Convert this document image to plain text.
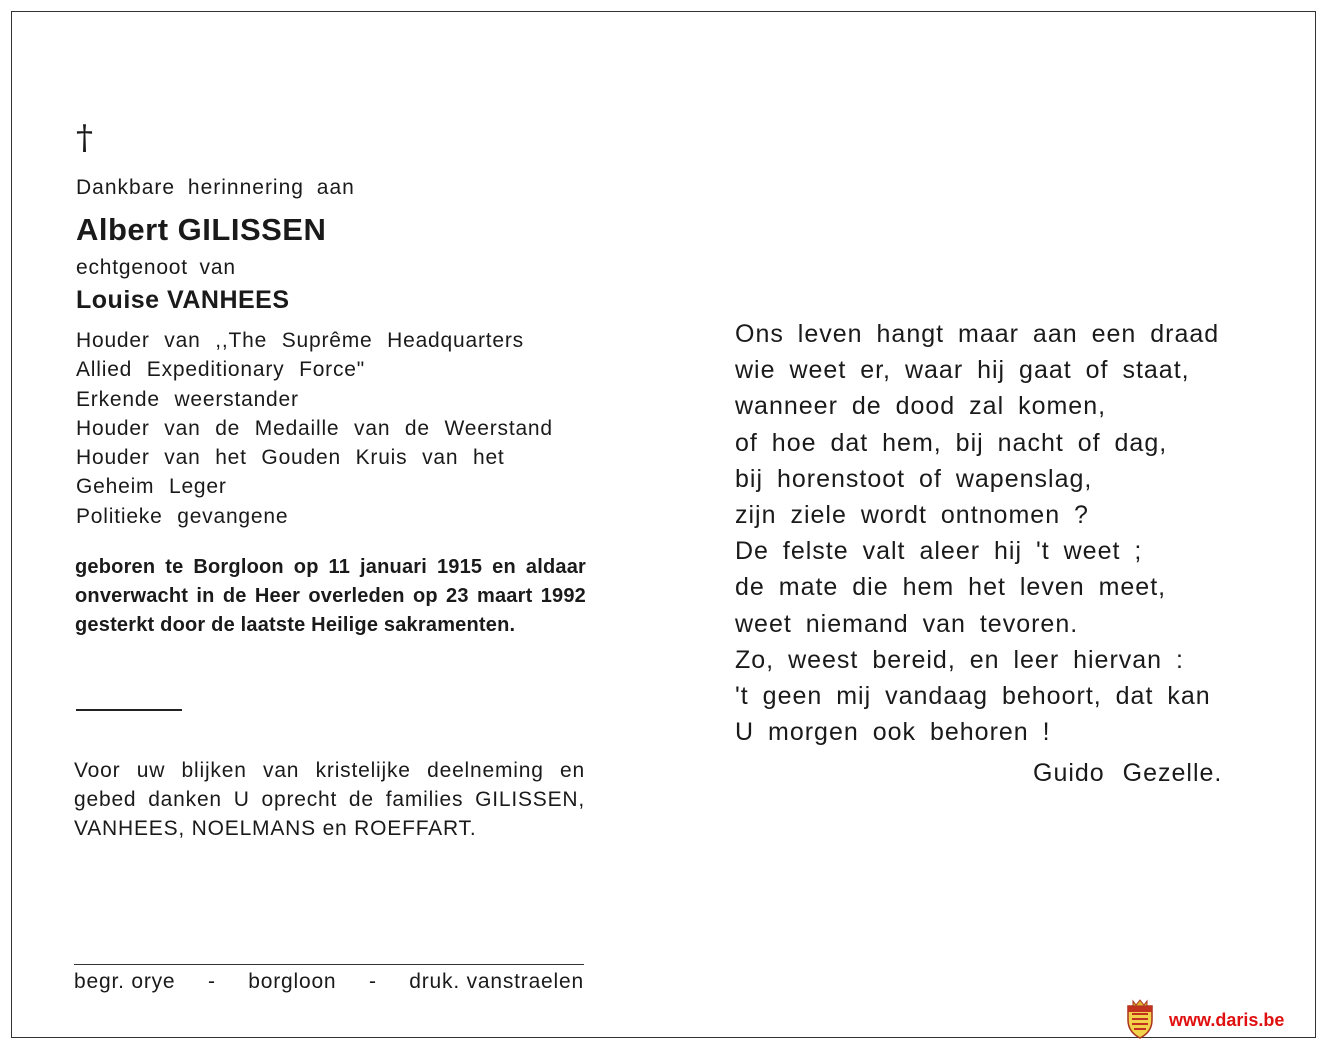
†
Dankbare herinnering aan
Albert GILISSEN
echtgenoot van
Louise VANHEES
Houder van ,,The Suprême Headquarters
Allied Expeditionary Force"
Erkende weerstander
Houder van de Medaille van de Weerstand
Houder van het Gouden Kruis van het
Geheim Leger
Politieke gevangene

geboren te Borgloon op 11 januari 1915 en aldaar onverwacht in de Heer overleden op 23 maart 1992 gesterkt door de laatste Heilige sakramenten.

Voor uw blijken van kristelijke deelneming en gebed danken U oprecht de families GILISSEN, VANHEES, NOELMANS en ROEFFART.

begr. orye - borgloon - druk. vanstraelen
Ons leven hangt maar aan een draad
wie weet er, waar hij gaat of staat,
wanneer de dood zal komen,
of hoe dat hem, bij nacht of dag,
bij horenstoot of wapenslag,
zijn ziele wordt ontnomen ?
De felste valt aleer hij 't weet ;
de mate die hem het leven meet,
weet niemand van tevoren.
Zo, weest bereid, en leer hiervan :
't geen mij vandaag behoort, dat kan
U morgen ook behoren !
Guido Gezelle.
www.daris.be
